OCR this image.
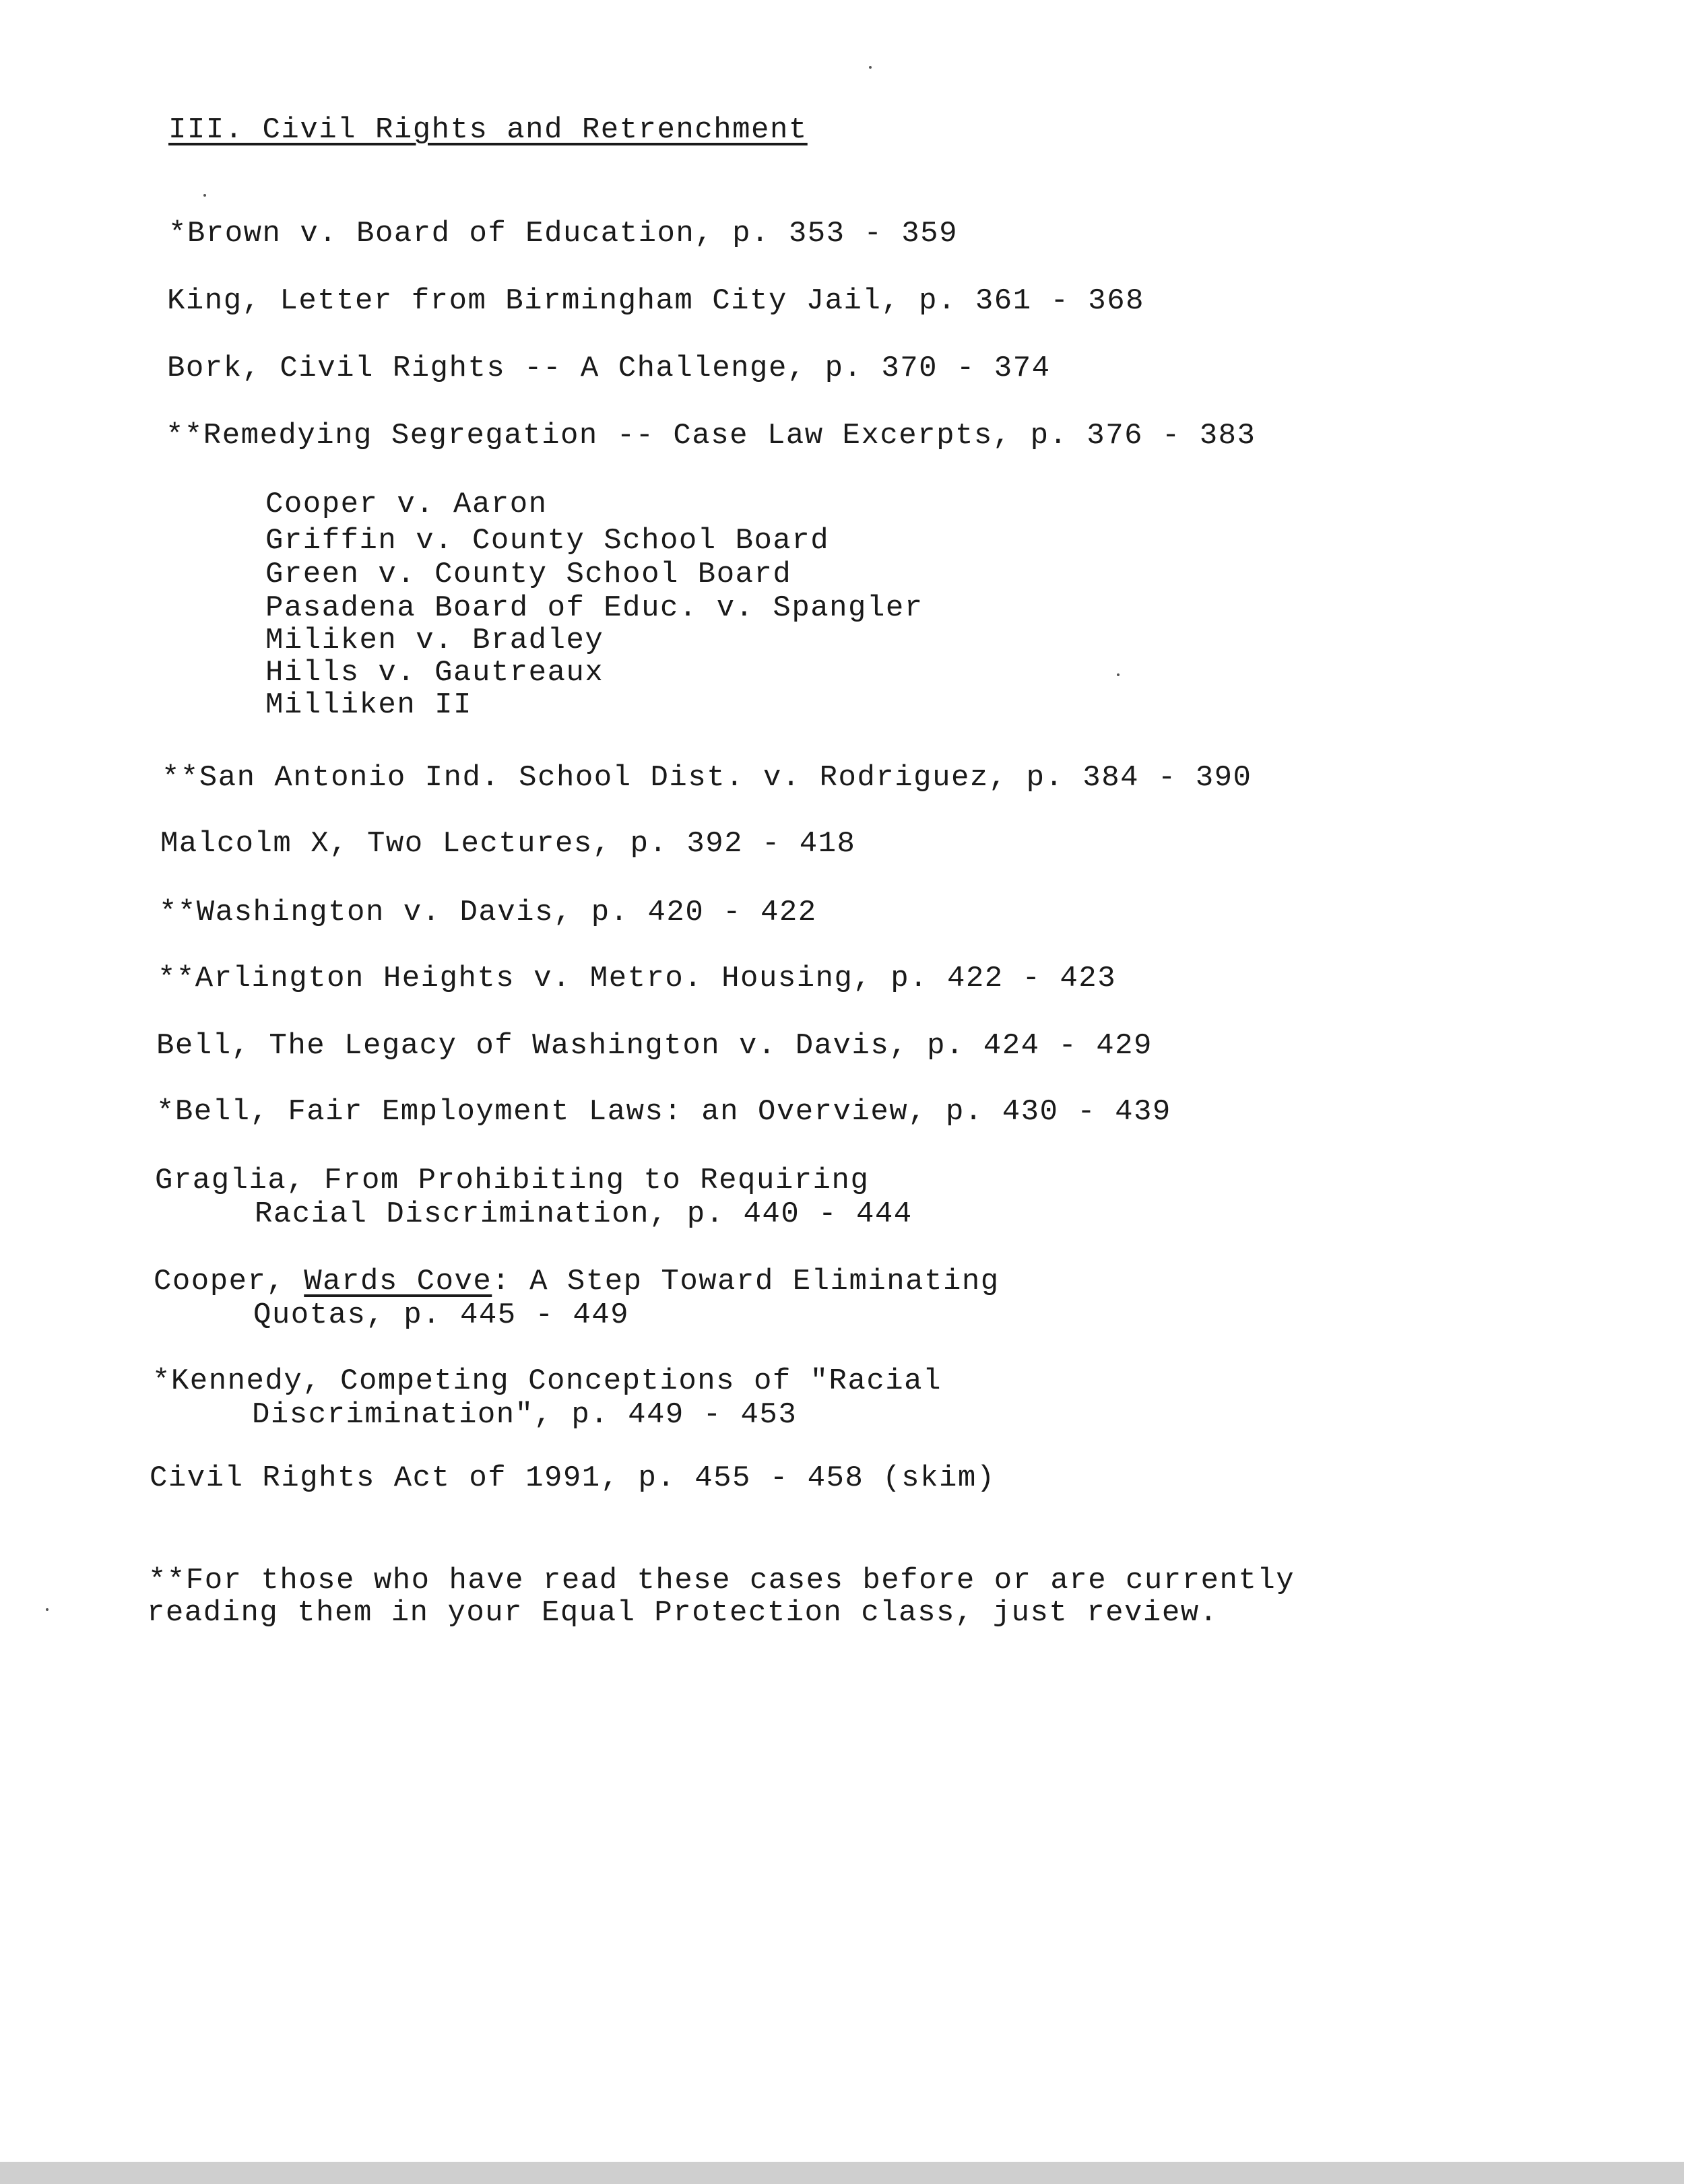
III. Civil Rights and Retrenchment
*Brown v. Board of Education, p. 353 - 359
King, Letter from Birmingham City Jail, p. 361 - 368
Bork, Civil Rights -- A Challenge, p. 370 - 374
**Remedying Segregation -- Case Law Excerpts, p. 376 - 383
Cooper v. Aaron
Griffin v. County School Board
Green v. County School Board
Pasadena Board of Educ. v. Spangler
Miliken v. Bradley
Hills v. Gautreaux
Milliken II
**San Antonio Ind. School Dist. v. Rodriguez, p. 384 - 390
Malcolm X, Two Lectures, p. 392 - 418
**Washington v. Davis, p. 420 - 422
**Arlington Heights v. Metro. Housing, p. 422 - 423
Bell, The Legacy of Washington v. Davis, p. 424 - 429
*Bell, Fair Employment Laws: an Overview, p. 430 - 439
Graglia, From Prohibiting to Requiring
Racial Discrimination, p. 440 - 444
Cooper, Wards Cove: A Step Toward Eliminating
Quotas, p. 445 - 449
*Kennedy, Competing Conceptions of "Racial
Discrimination", p. 449 - 453
Civil Rights Act of 1991, p. 455 - 458 (skim)
**For those who have read these cases before or are currently
reading them in your Equal Protection class, just review.
